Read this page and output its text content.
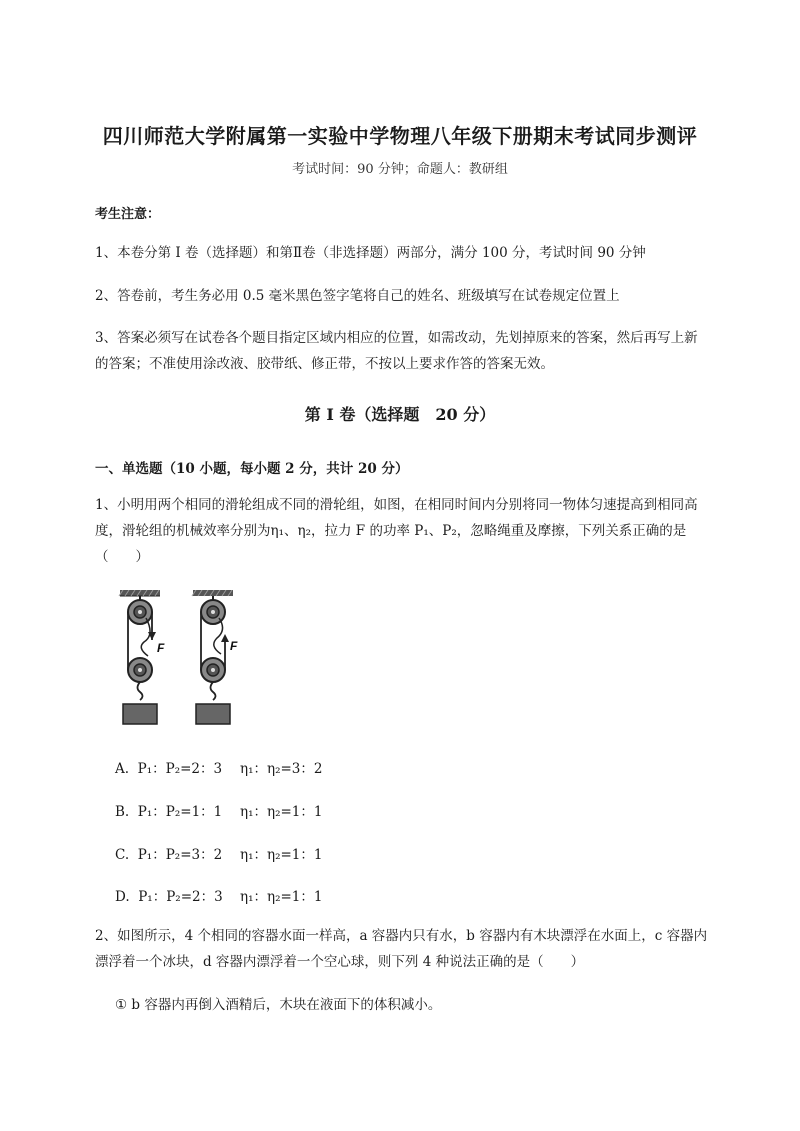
四川师范大学附属第一实验中学物理八年级下册期末考试同步测评
考试时间：90 分钟；命题人：教研组
考生注意：
1、本卷分第 I 卷（选择题）和第Ⅱ卷（非选择题）两部分，满分 100 分，考试时间 90 分钟
2、答卷前，考生务必用 0.5 毫米黑色签字笔将自己的姓名、班级填写在试卷规定位置上
3、答案必须写在试卷各个题目指定区域内相应的位置，如需改动，先划掉原来的答案，然后再写上新的答案；不准使用涂改液、胶带纸、修正带，不按以上要求作答的答案无效。
第 I 卷（选择题　20 分）
一、单选题（10 小题，每小题 2 分，共计 20 分）
1、小明用两个相同的滑轮组成不同的滑轮组，如图，在相同时间内分别将同一物体匀速提高到相同高度，滑轮组的机械效率分别为η₁、η₂，拉力 F 的功率 P₁、P₂，忽略绳重及摩擦，下列关系正确的是（　　）
F	F
A.  P₁：P₂=2：3 η₁：η₂=3：2
B.  P₁：P₂=1：1 η₁：η₂=1：1
C.  P₁：P₂=3：2 η₁：η₂=1：1
D.  P₁：P₂=2：3 η₁：η₂=1：1
2、如图所示，4 个相同的容器水面一样高，a 容器内只有水，b 容器内有木块漂浮在水面上，c 容器内漂浮着一个冰块，d 容器内漂浮着一个空心球，则下列 4 种说法正确的是（　　）
① b 容器内再倒入酒精后，木块在液面下的体积减小。
